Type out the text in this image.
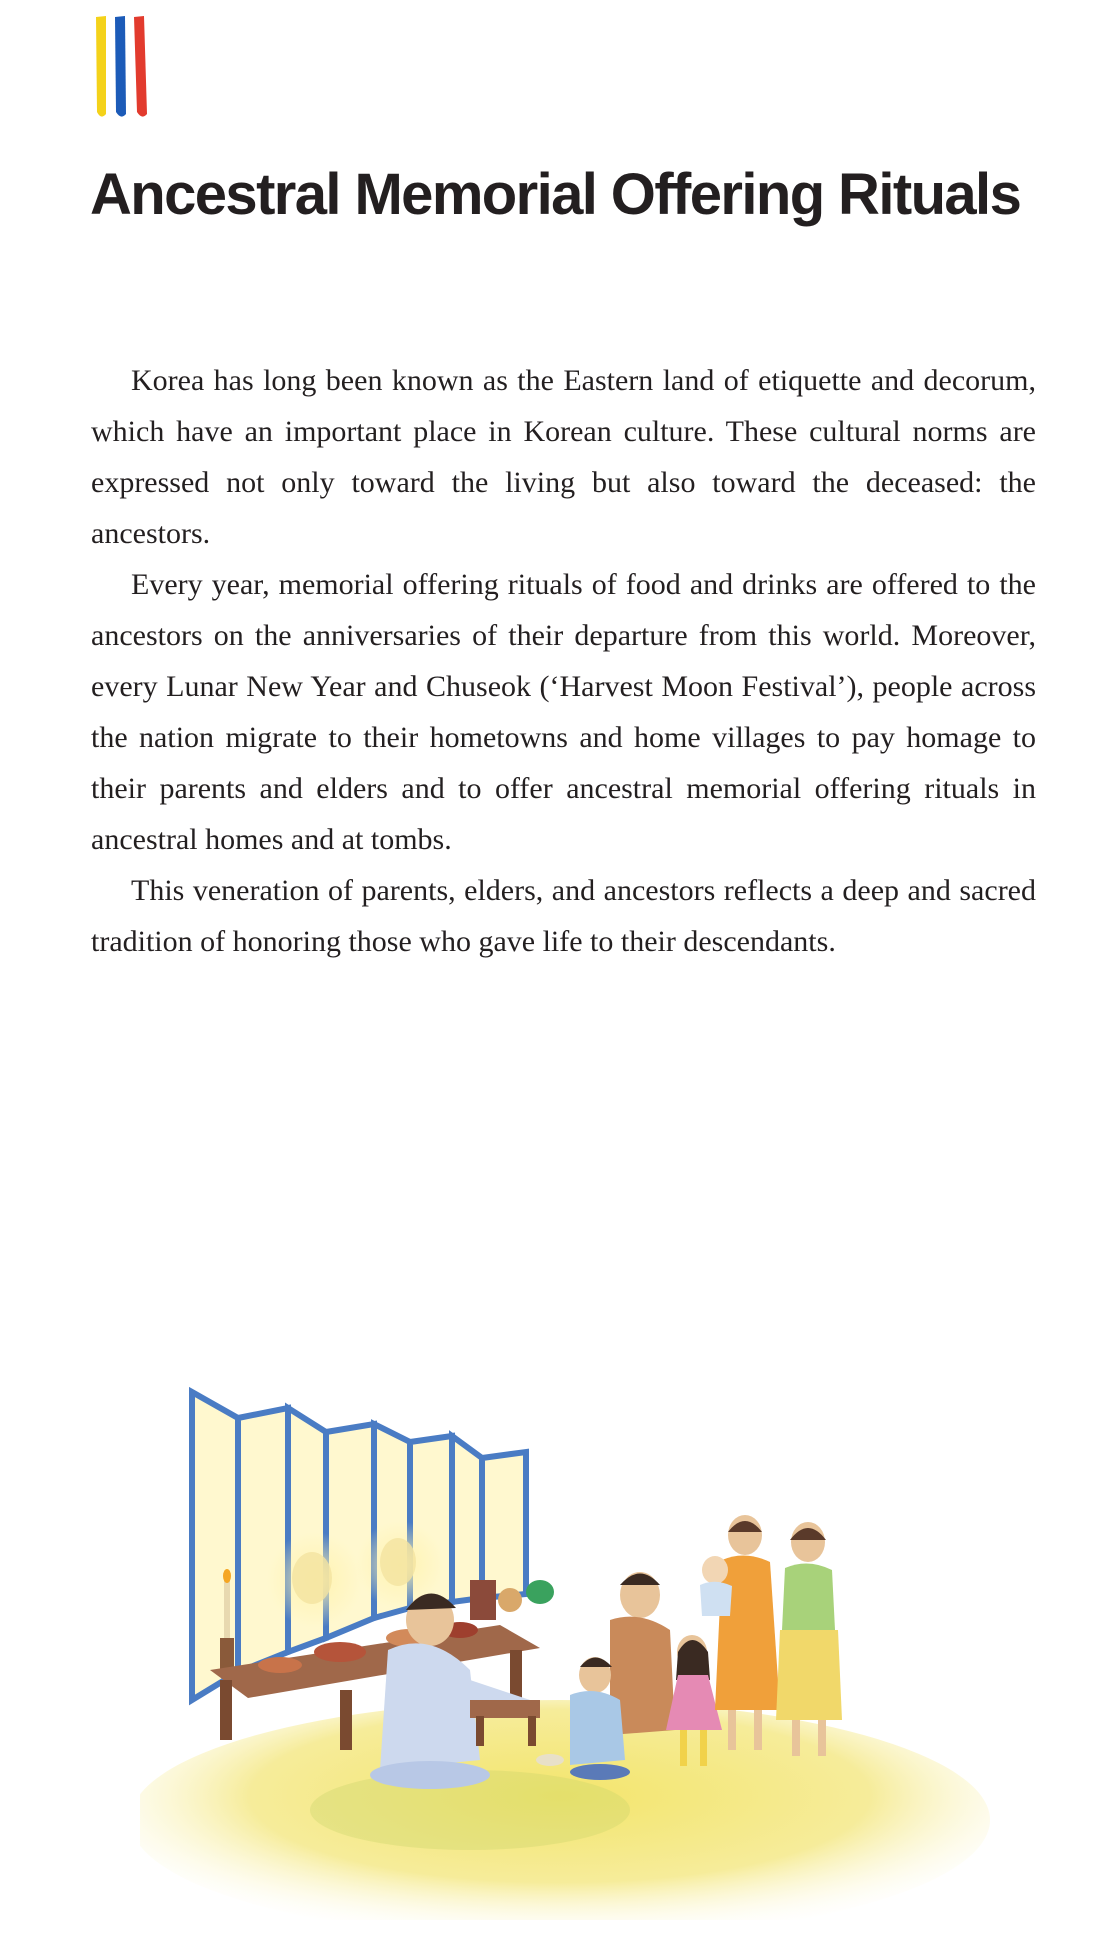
Ancestral Memorial Offering Rituals

Korea has long been known as the Eastern land of etiquette and decorum, which have an important place in Korean culture. These cultural norms are expressed not only toward the living but also toward the deceased: the ancestors.

Every year, memorial offering rituals of food and drinks are offered to the ancestors on the anniversaries of their departure from this world. Moreover, every Lunar New Year and Chuseok (‘Harvest Moon Festival’), people across the nation migrate to their hometowns and home villages to pay homage to their parents and elders and to offer ancestral memorial offering rituals in ancestral homes and at tombs.

This veneration of parents, elders, and ancestors reflects a deep and sacred tradition of honoring those who gave life to their descendants.
